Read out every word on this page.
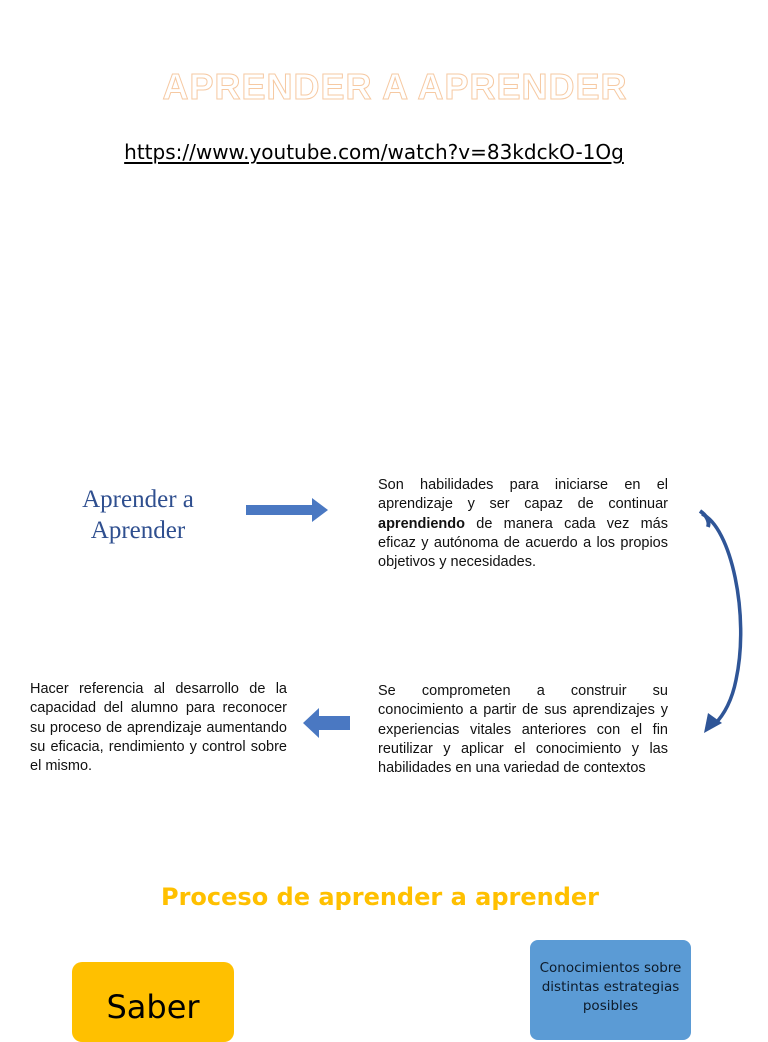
APRENDER A APRENDER
https://www.youtube.com/watch?v=83kdckO-1Og
Aprender a
Aprender
Son habilidades para iniciarse en el aprendizaje y ser capaz de continuar aprendiendo de manera cada vez más eficaz y autónoma de acuerdo a los propios objetivos y necesidades.
Se comprometen a construir su conocimiento a partir de sus aprendizajes y experiencias vitales anteriores con el fin reutilizar y aplicar el conocimiento y las habilidades en una variedad de contextos
Hacer referencia al desarrollo de la capacidad del alumno para reconocer su proceso de aprendizaje aumentando su eficacia, rendimiento y control sobre el mismo.
Proceso de aprender a aprender
Saber
Conocimientos sobre distintas estrategias posibles
